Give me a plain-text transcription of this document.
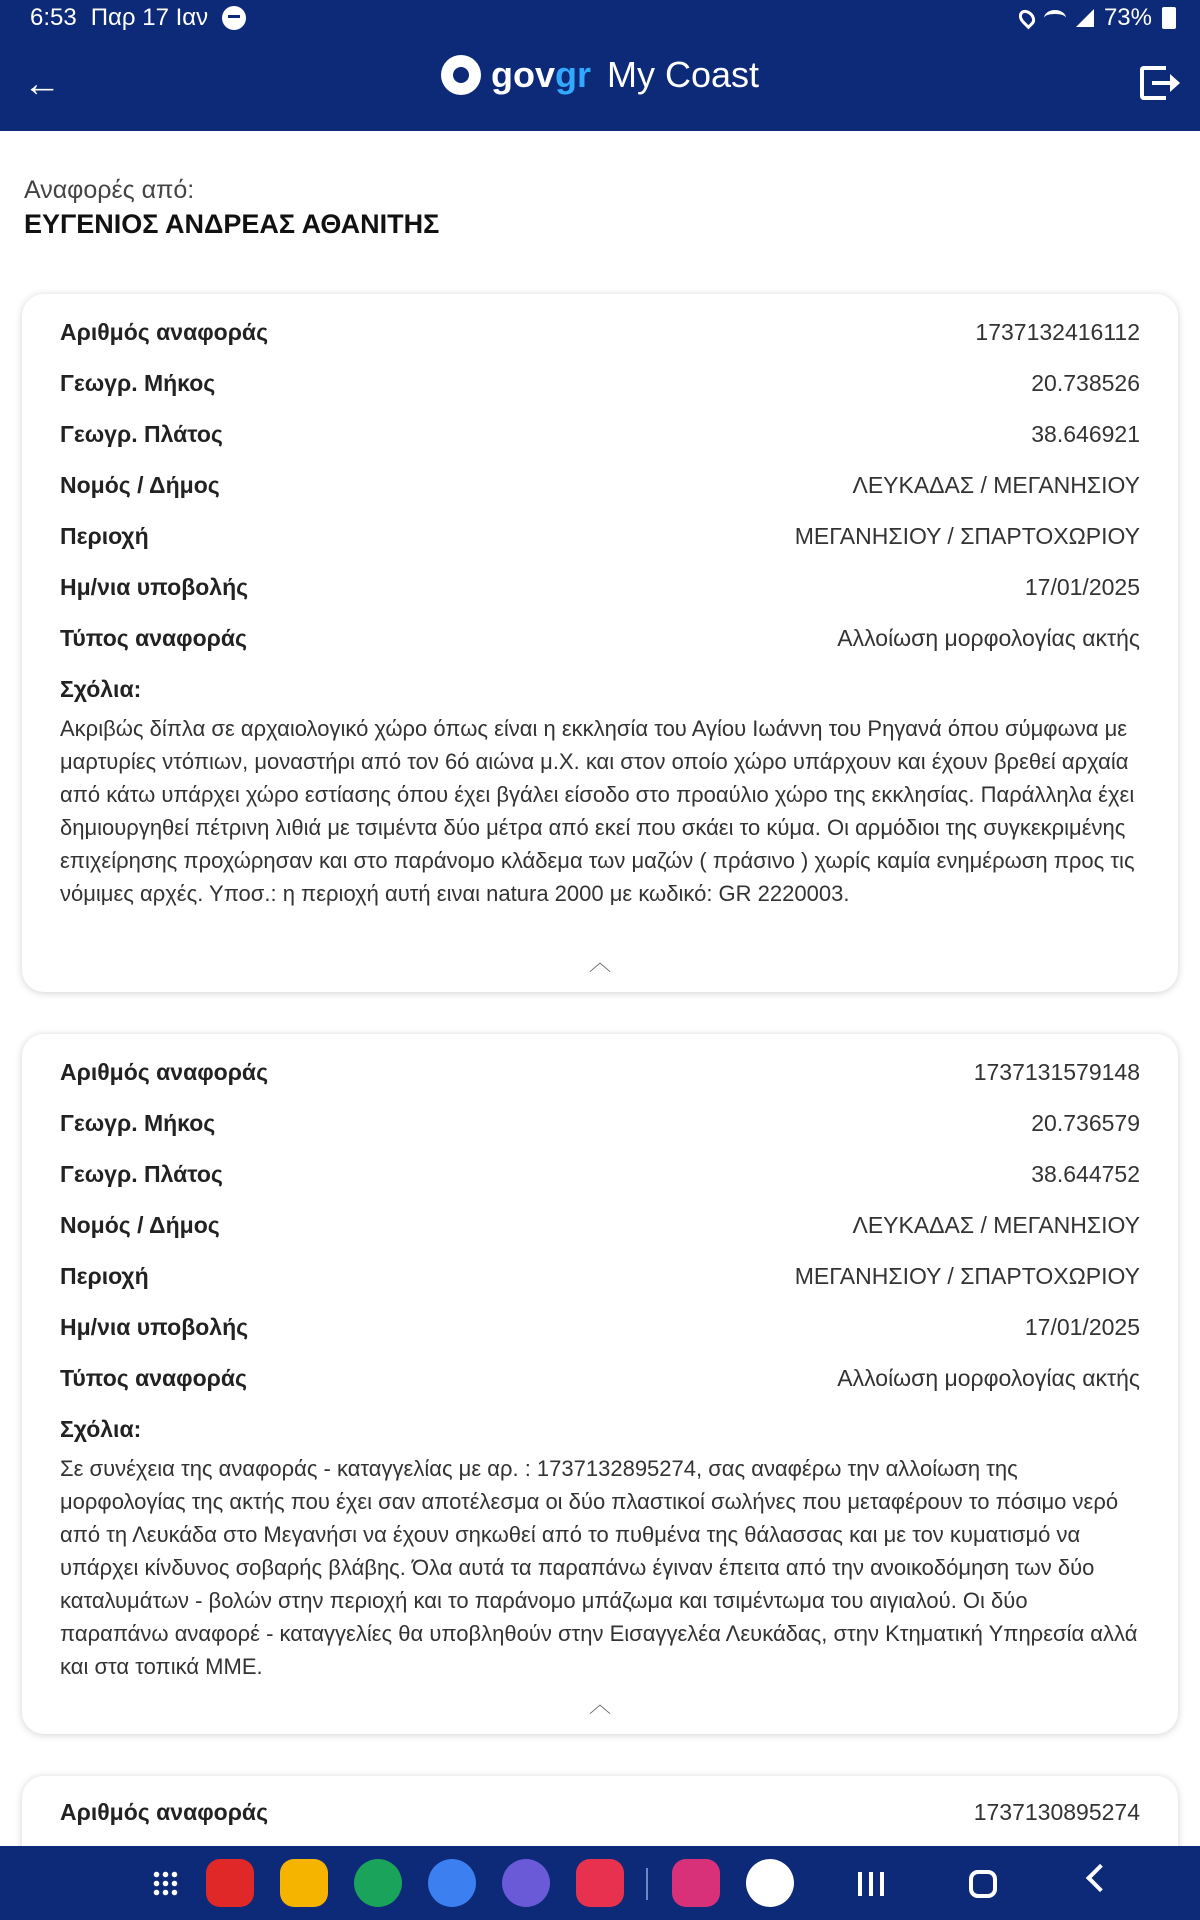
6:53 Παρ 17 Ιαν	73%
←	gov gr My Coast
Αναφορές από:
ΕΥΓΕΝΙΟΣ ΑΝΔΡΕΑΣ ΑΘΑΝΙΤΗΣ
Αριθμός αναφοράς	1737132416112
Γεωγρ. Μήκος	20.738526
Γεωγρ. Πλάτος	38.646921
Νομός / Δήμος	ΛΕΥΚΑΔΑΣ / ΜΕΓΑΝΗΣΙΟΥ
Περιοχή	ΜΕΓΑΝΗΣΙΟΥ / ΣΠΑΡΤΟΧΩΡΙΟΥ
Ημ/νια υποβολής	17/01/2025
Τύπος αναφοράς	Αλλοίωση μορφολογίας ακτής
Σχόλια:
Ακριβώς δίπλα σε αρχαιολογικό χώρο όπως είναι η εκκλησία του Αγίου Ιωάννη του Ρηγανά όπου σύμφωνα με μαρτυρίες ντόπιων, μοναστήρι από τον 6ό αιώνα μ.Χ. και στον οποίο χώρο υπάρχουν και έχουν βρεθεί αρχαία από κάτω υπάρχει χώρο εστίασης όπου έχει βγάλει είσοδο στο προαύλιο χώρο της εκκλησίας. Παράλληλα έχει δημιουργηθεί πέτρινη λιθιά με τσιμέντα δύο μέτρα από εκεί που σκάει το κύμα. Οι αρμόδιοι της συγκεκριμένης επιχείρησης προχώρησαν και στο παράνομο κλάδεμα των μαζών ( πράσινο ) χωρίς καμία ενημέρωση προς τις νόμιμες αρχές. Υποσ.: η περιοχή αυτή ειναι natura 2000 με κωδικό: GR 2220003.
︿
Αριθμός αναφοράς	1737131579148
Γεωγρ. Μήκος	20.736579
Γεωγρ. Πλάτος	38.644752
Νομός / Δήμος	ΛΕΥΚΑΔΑΣ / ΜΕΓΑΝΗΣΙΟΥ
Περιοχή	ΜΕΓΑΝΗΣΙΟΥ / ΣΠΑΡΤΟΧΩΡΙΟΥ
Ημ/νια υποβολής	17/01/2025
Τύπος αναφοράς	Αλλοίωση μορφολογίας ακτής
Σχόλια:
Σε συνέχεια της αναφοράς - καταγγελίας με αρ. : 1737132895274, σας αναφέρω την αλλοίωση της μορφολογίας της ακτής που έχει σαν αποτέλεσμα οι δύο πλαστικοί σωλήνες που μεταφέρουν το πόσιμο νερό από τη Λευκάδα στο Μεγανήσι να έχουν σηκωθεί από το πυθμένα της θάλασσας και με τον κυματισμό να υπάρχει κίνδυνος σοβαρής βλάβης. Όλα αυτά τα παραπάνω έγιναν έπειτα από την ανοικοδόμηση των δύο καταλυμάτων - βολών στην περιοχή και το παράνομο μπάζωμα και τσιμέντωμα του αιγιαλού. Οι δύο παραπάνω αναφορέ - καταγγελίες θα υποβληθούν στην Εισαγγελέα Λευκάδας, στην Κτηματική Υπηρεσία αλλά και στα τοπικά ΜΜΕ.
︿
Αριθμός αναφοράς	1737130895274
